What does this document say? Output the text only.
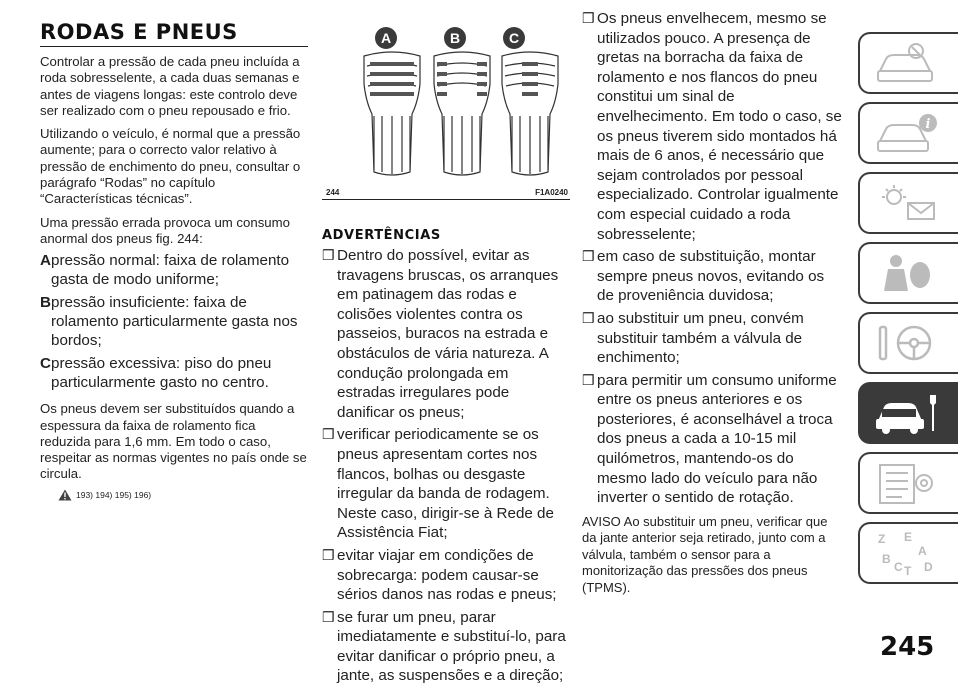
RODAS E PNEUS

Controlar a pressão de cada pneu incluída a roda sobresselente, a cada duas semanas e antes de viagens longas: este controlo deve ser realizado com o pneu repousado e frio.

Utilizando o veículo, é normal que a pressão aumente; para o correcto valor relativo à pressão de enchimento do pneu, consultar o parágrafo “Rodas” no capítulo “Características técnicas”.

Uma pressão errada provoca um consumo anormal dos pneus fig. 244:

A pressão normal: faixa de rolamento gasta de modo uniforme;
B pressão insuficiente: faixa de rolamento particularmente gasta nos bordos;
C pressão excessiva: piso do pneu particularmente gasto no centro.

Os pneus devem ser substituídos quando a espessura da faixa de rolamento fica reduzida para 1,6 mm. Em todo o caso, respeitar as normas vigentes no país onde se circula.

193) 194) 195) 196)
A	B	C
244	F1A0240
ADVERTÊNCIAS
❒ Dentro do possível, evitar as travagens bruscas, os arranques em patinagem das rodas e colisões violentes contra os passeios, buracos na estrada e obstáculos de vária natureza. A condução prolongada em estradas irregulares pode danificar os pneus;
❒ verificar periodicamente se os pneus apresentam cortes nos flancos, bolhas ou desgaste irregular da banda de rodagem. Neste caso, dirigir-se à Rede de Assistência Fiat;
❒ evitar viajar em condições de sobrecarga: podem causar-se sérios danos nas rodas e pneus;
❒ se furar um pneu, parar imediatamente e substituí-lo, para evitar danificar o próprio pneu, a jante, as suspensões e a direção;
❒ Os pneus envelhecem, mesmo se utilizados pouco. A presença de gretas na borracha da faixa de rolamento e nos flancos do pneu constitui um sinal de envelhecimento. Em todo o caso, se os pneus tiverem sido montados há mais de 6 anos, é necessário que sejam controlados por pessoal especializado. Controlar igualmente com especial cuidado a roda sobresselente;
❒ em caso de substituição, montar sempre pneus novos, evitando os de proveniência duvidosa;
❒ ao substituir um pneu, convém substituir também a válvula de enchimento;
❒ para permitir um consumo uniforme entre os pneus anteriores e os posteriores, é aconselhável a troca dos pneus a cada a 10-15 mil quilómetros, mantendo-os do mesmo lado do veículo para não inverter o sentido de rotação.

AVISO Ao substituir um pneu, verificar que da jante anterior seja retirado, junto com a válvula, também o sensor para a monitorização das pressões dos pneus (TPMS).

i
Z E
A
B
C T D
245
